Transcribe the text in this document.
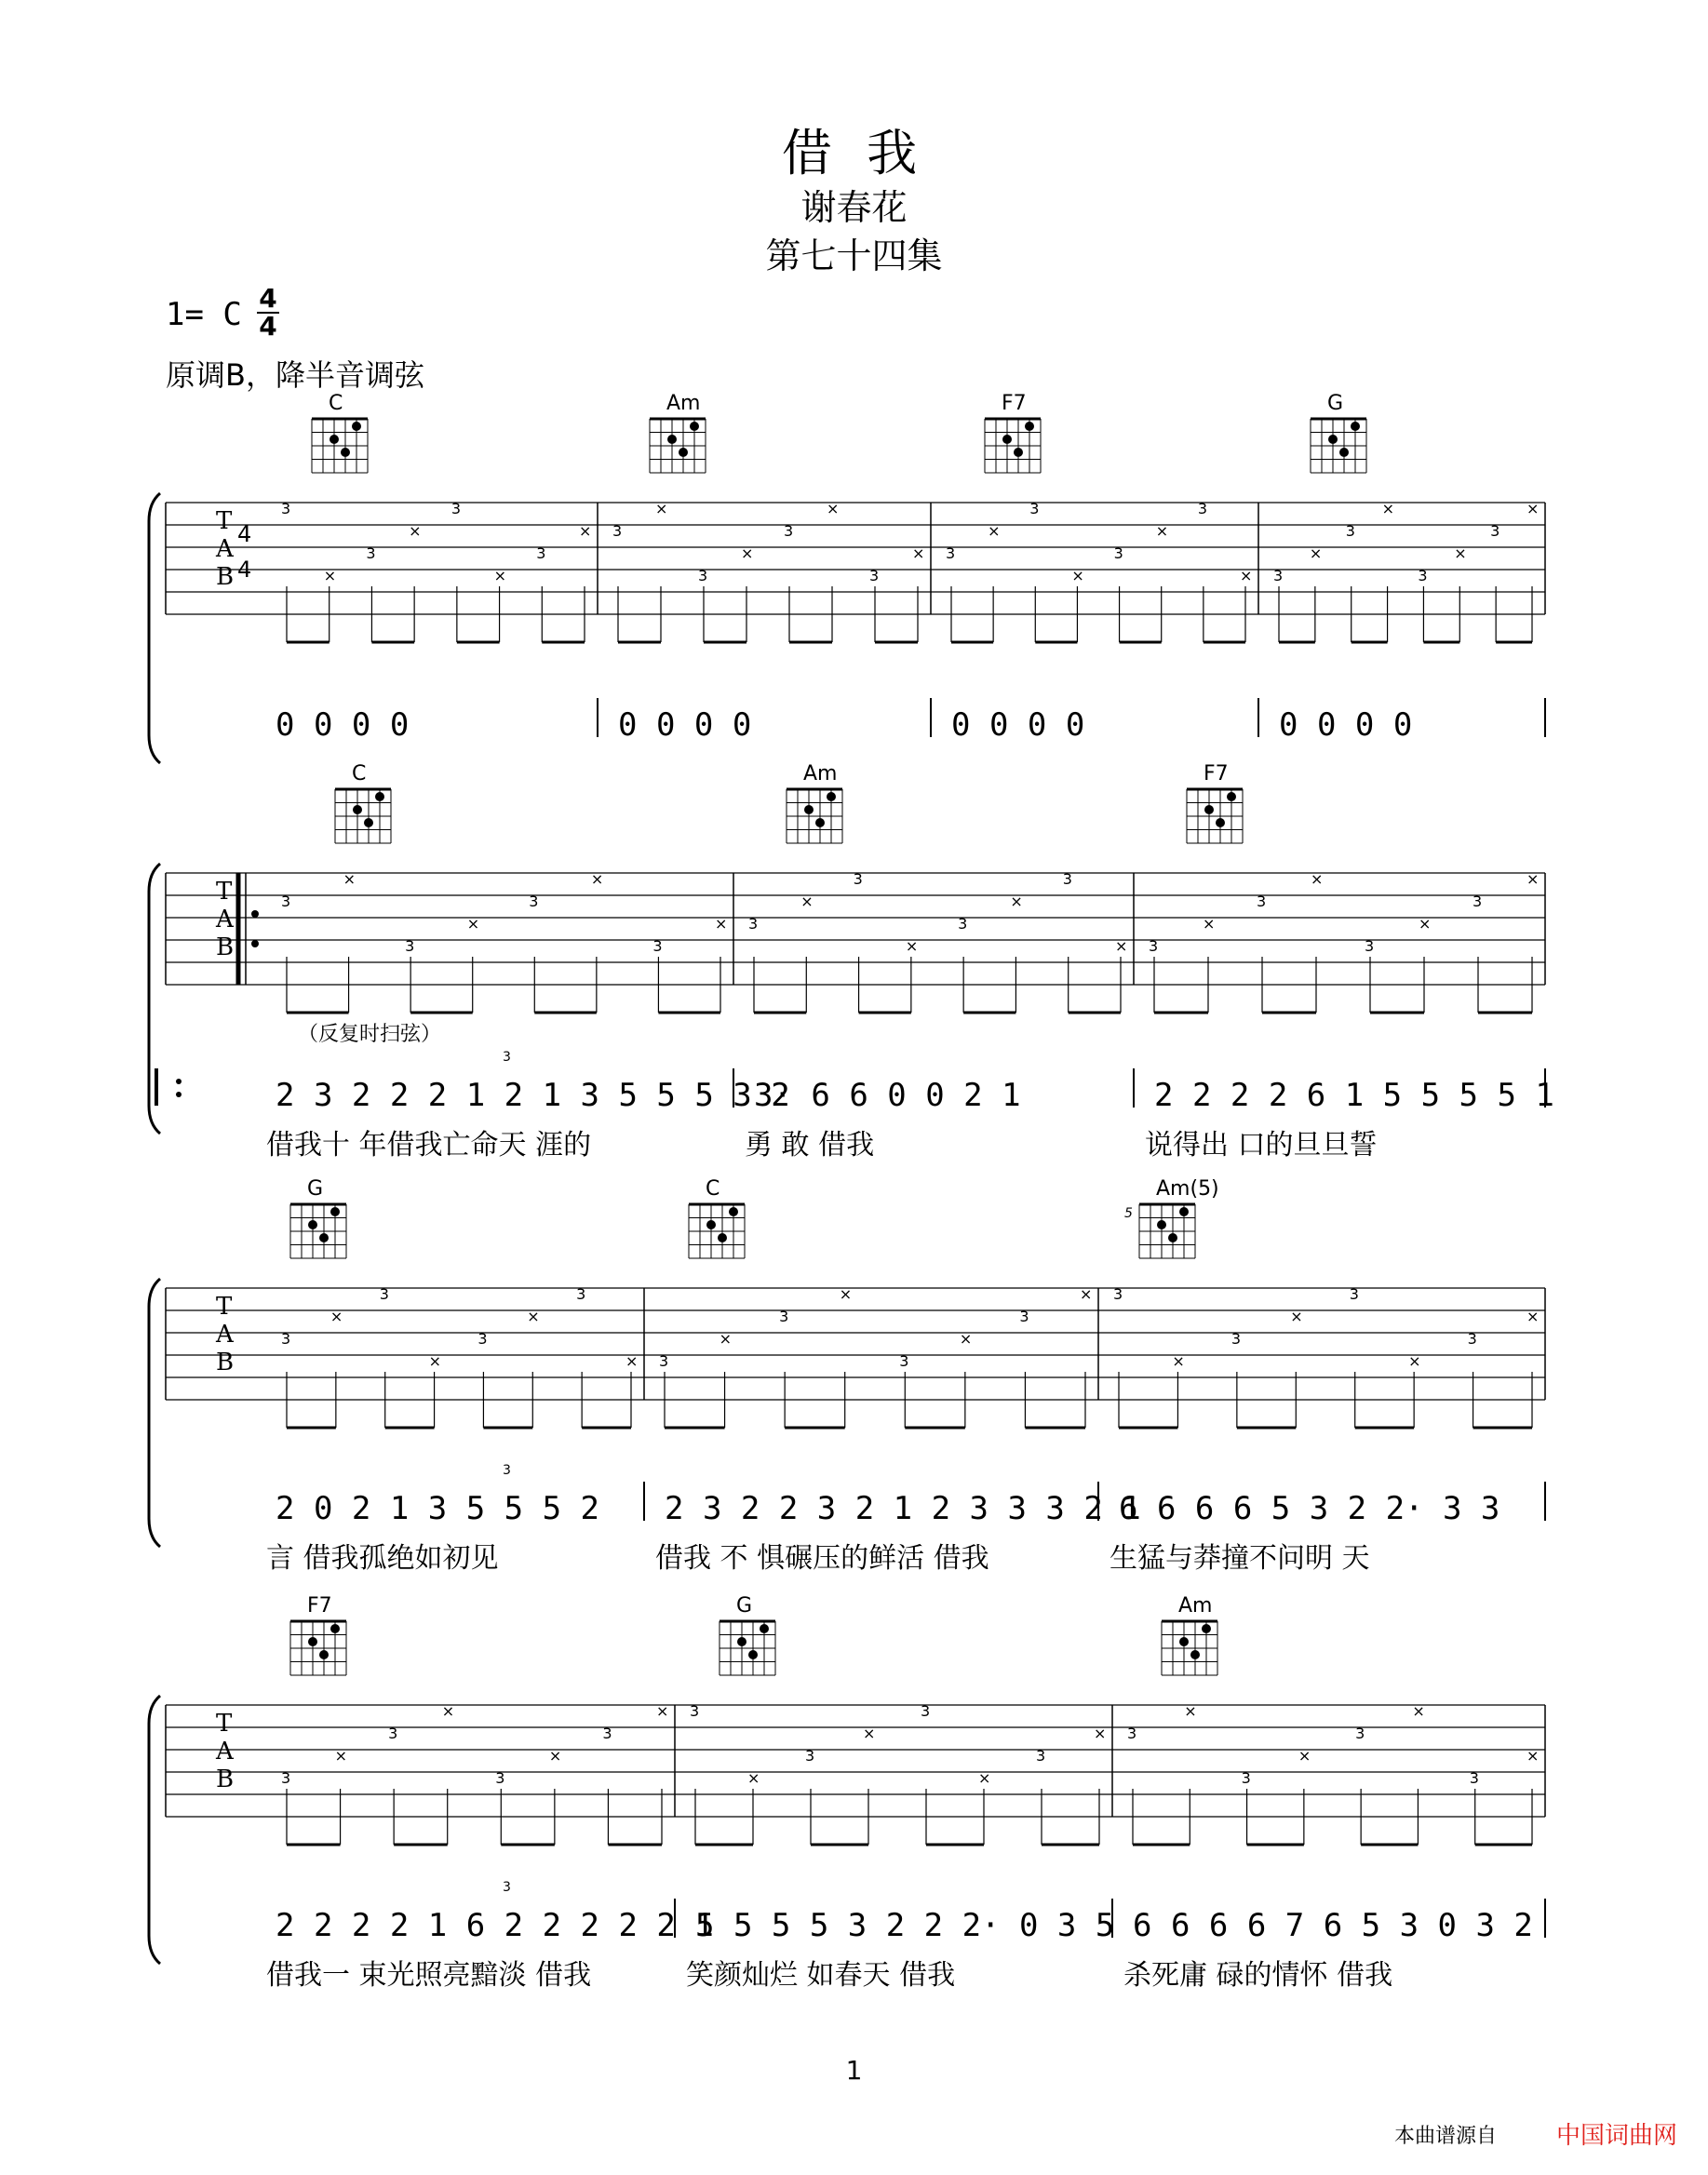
借 我
谢春花
第七十四集
1= C 4
4
原调B，降半音调弦
T
A
B
4
4
3
×
3
×
3
×
3
× 3
×
3
×
3
×
3
× 3
×
3
×
3
×
3
× 3
×
3
×
3
×
3
×
C	Am	F7	G
0 0 0 0	0 0 0 0	0 0 0 0	0 0 0 0
T
A
B
3
×
3
×
3
×
3
× 3
×
3
×
3
×
3
× 3
×
3
×
3
×
3
×
C	Am	F7
2 3 2 2 2 1 2 1 3 5 5 5 3 2
借我十 年借我亡命天 涯的
3· 6 6 0 0 2 1
勇 敢 借我
2 2 2 2 6 1 5 5 5 5 1
说得出 口的旦旦誓
（反复时扫弦）
3
T
A
B
3
×
3
×
3
×
3
× 3
×
3
×
3
×
3
× 3
×
3
×
3
×
3
×
G	C	Am(5)
5
2 0 2 1 3 5 5 5 2
言 借我孤绝如初见
2 3 2 2 3 2 1 2 3 3 3 2 1
借我 不 惧碾压的鲜活 借我
6 6 6 6 5 3 2 2· 3 3
生猛与莽撞不问明 天
3
T
A
B	3
×
3
×
3
×
3
× 3
×
3
×
3
×
3
× 3
×
3
×
3
×
3
×
F7	G	Am
2 2 2 2 1 6 2 2 2 2 2 1
借我一 束光照亮黯淡 借我
5 5 5 5 3 2 2 2· 0 3 5
笑颜灿烂 如春天 借我
6 6 6 6 7 6 5 3 0 3 2
杀死庸 碌的情怀 借我
3
1
本曲谱源自 中国词曲网
